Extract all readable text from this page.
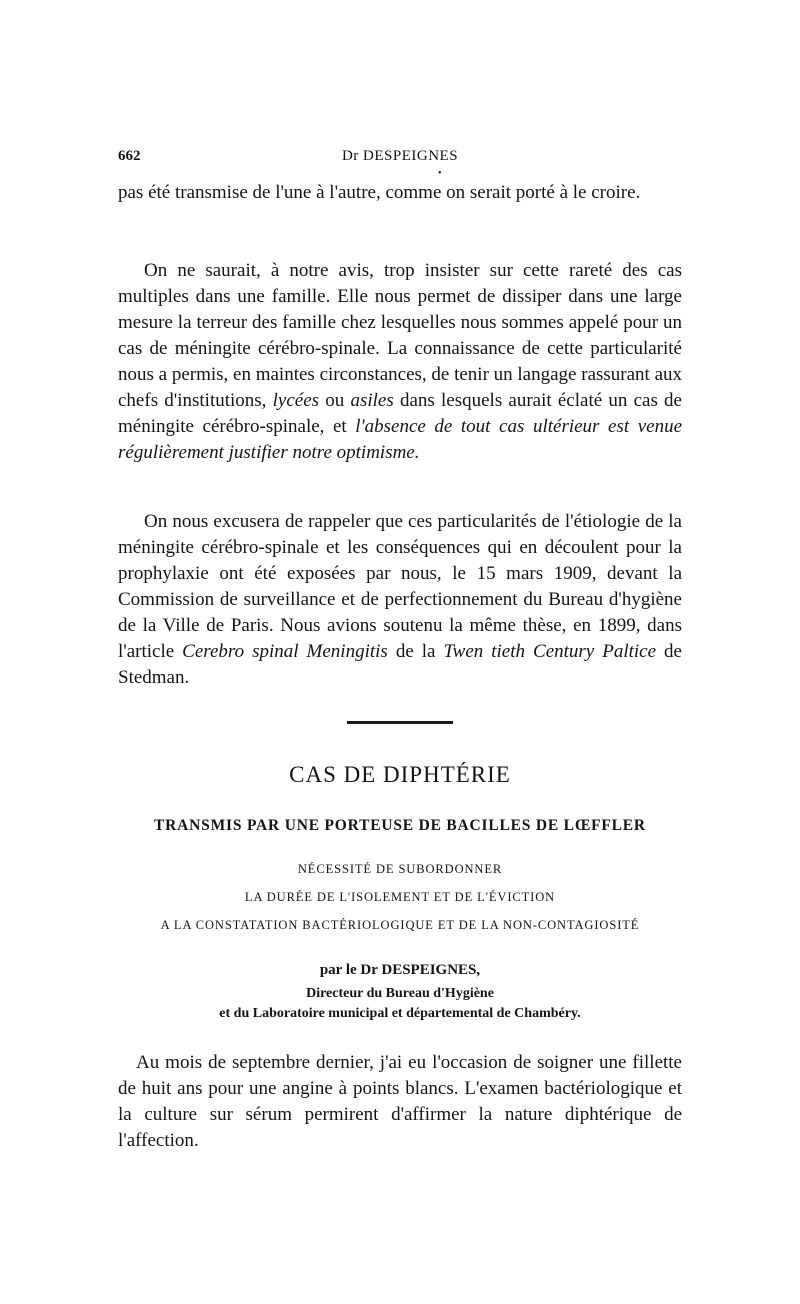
662	Dr DESPEIGNES
•

pas été transmise de l'une à l'autre, comme on serait porté à le croire.

On ne saurait, à notre avis, trop insister sur cette rareté des cas multiples dans une famille. Elle nous permet de dissiper dans une large mesure la terreur des famille chez lesquelles nous sommes appelé pour un cas de méningite cérébro-spinale. La connaissance de cette particularité nous a permis, en maintes circonstances, de tenir un langage rassurant aux chefs d'institutions, lycées ou asiles dans lesquels aurait éclaté un cas de méningite cérébro-spinale, et l'absence de tout cas ultérieur est venue régulièrement justifier notre optimisme.

On nous excusera de rappeler que ces particularités de l'étiologie de la méningite cérébro-spinale et les conséquences qui en découlent pour la prophylaxie ont été exposées par nous, le 15 mars 1909, devant la Commission de surveillance et de perfectionnement du Bureau d'hygiène de la Ville de Paris. Nous avions soutenu la même thèse, en 1899, dans l'article Cerebro spinal Meningitis de la Twen tieth Century Paltice de Stedman.

CAS DE DIPHTÉRIE
TRANSMIS PAR UNE PORTEUSE DE BACILLES DE LŒFFLER
NÉCESSITÉ DE SUBORDONNER
LA DURÉE DE L'ISOLEMENT ET DE L'ÉVICTION
A LA CONSTATATION BACTÉRIOLOGIQUE ET DE LA NON-CONTAGIOSITÉ
par le Dr DESPEIGNES,
Directeur du Bureau d'Hygiène
et du Laboratoire municipal et départemental de Chambéry.

Au mois de septembre dernier, j'ai eu l'occasion de soigner une fillette de huit ans pour une angine à points blancs. L'examen bactériologique et la culture sur sérum permirent d'affirmer la nature diphtérique de l'affection.
